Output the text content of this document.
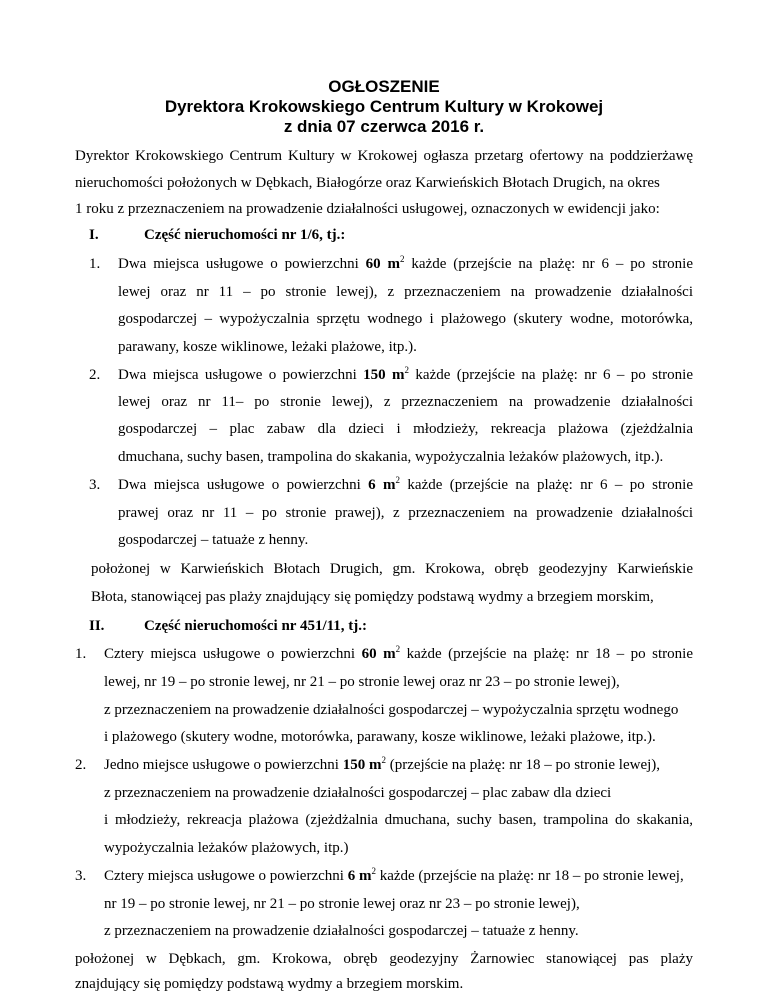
OGŁOSZENIE
Dyrektora Krokowskiego Centrum Kultury w Krokowej
z dnia 07 czerwca 2016 r.
Dyrektor Krokowskiego Centrum Kultury w Krokowej ogłasza przetarg ofertowy na poddzierżawę
nieruchomości położonych w Dębkach, Białogórze oraz Karwieńskich Błotach Drugich, na okres
1 roku z przeznaczeniem na prowadzenie działalności usługowej, oznaczonych w ewidencji jako:
I.	Część nieruchomości nr 1/6, tj.:
1. Dwa miejsca usługowe o powierzchni 60 $m^2$ każde (przejście na plażę: nr 6 – po stronie
lewej oraz nr 11 – po stronie lewej), z przeznaczeniem na prowadzenie działalności
gospodarczej – wypożyczalnia sprzętu wodnego i plażowego (skutery wodne, motorówka,
parawany, kosze wiklinowe, leżaki plażowe, itp.).
2. Dwa miejsca usługowe o powierzchni 150 $m^2$ każde (przejście na plażę: nr 6 – po stronie
lewej oraz nr 11– po stronie lewej), z przeznaczeniem na prowadzenie działalności
gospodarczej – plac zabaw dla dzieci i młodzieży, rekreacja plażowa (zjeżdżalnia
dmuchana, suchy basen, trampolina do skakania, wypożyczalnia leżaków plażowych, itp.).
3. Dwa miejsca usługowe o powierzchni 6 $m^2$ każde (przejście na plażę: nr 6 – po stronie
prawej oraz nr 11 – po stronie prawej), z przeznaczeniem na prowadzenie działalności
gospodarczej – tatuaże z henny.
położonej w Karwieńskich Błotach Drugich, gm. Krokowa, obręb geodezyjny Karwieńskie
Błota, stanowiącej pas plaży znajdujący się pomiędzy podstawą wydmy a brzegiem morskim,
II.	Część nieruchomości nr 451/11, tj.:
1. Cztery miejsca usługowe o powierzchni 60 $m^2$ każde (przejście na plażę: nr 18 – po stronie
lewej, nr 19 – po stronie lewej, nr 21 – po stronie lewej oraz nr 23 – po stronie lewej),
z przeznaczeniem na prowadzenie działalności gospodarczej – wypożyczalnia sprzętu wodnego
i plażowego (skutery wodne, motorówka, parawany, kosze wiklinowe, leżaki plażowe, itp.).
2. Jedno miejsce usługowe o powierzchni 150 $m^2$ (przejście na plażę: nr 18 – po stronie lewej),
z przeznaczeniem na prowadzenie działalności gospodarczej – plac zabaw dla dzieci
i młodzieży, rekreacja plażowa (zjeżdżalnia dmuchana, suchy basen, trampolina do skakania,
wypożyczalnia leżaków plażowych, itp.)
3. Cztery miejsca usługowe o powierzchni 6 $m^2$ każde (przejście na plażę: nr 18 – po stronie lewej,
nr 19 – po stronie lewej, nr 21 – po stronie lewej oraz nr 23 – po stronie lewej),
z przeznaczeniem na prowadzenie działalności gospodarczej – tatuaże z henny.
położonej w Dębkach, gm. Krokowa, obręb geodezyjny Żarnowiec stanowiącej pas plaży
znajdujący się pomiędzy podstawą wydmy a brzegiem morskim.
